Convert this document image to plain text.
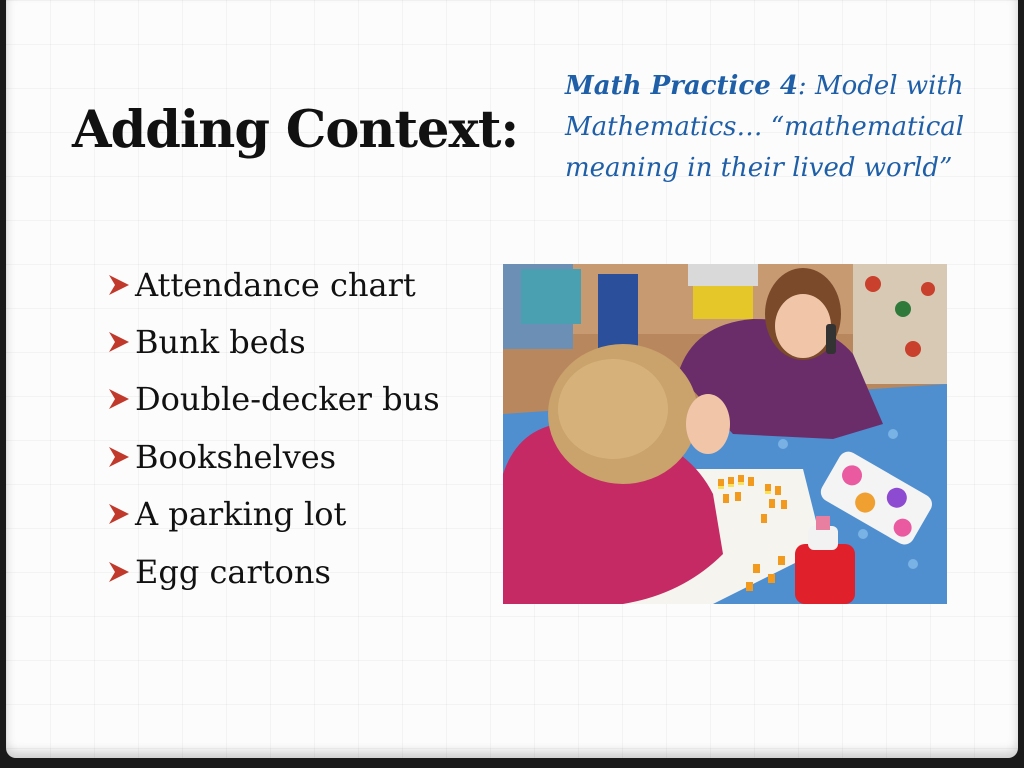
Adding Context:
Math Practice 4: Model with Mathematics… “mathematical meaning in their lived world”
Attendance chart
Bunk beds
Double-decker bus
Bookshelves
A parking lot
Egg cartons
